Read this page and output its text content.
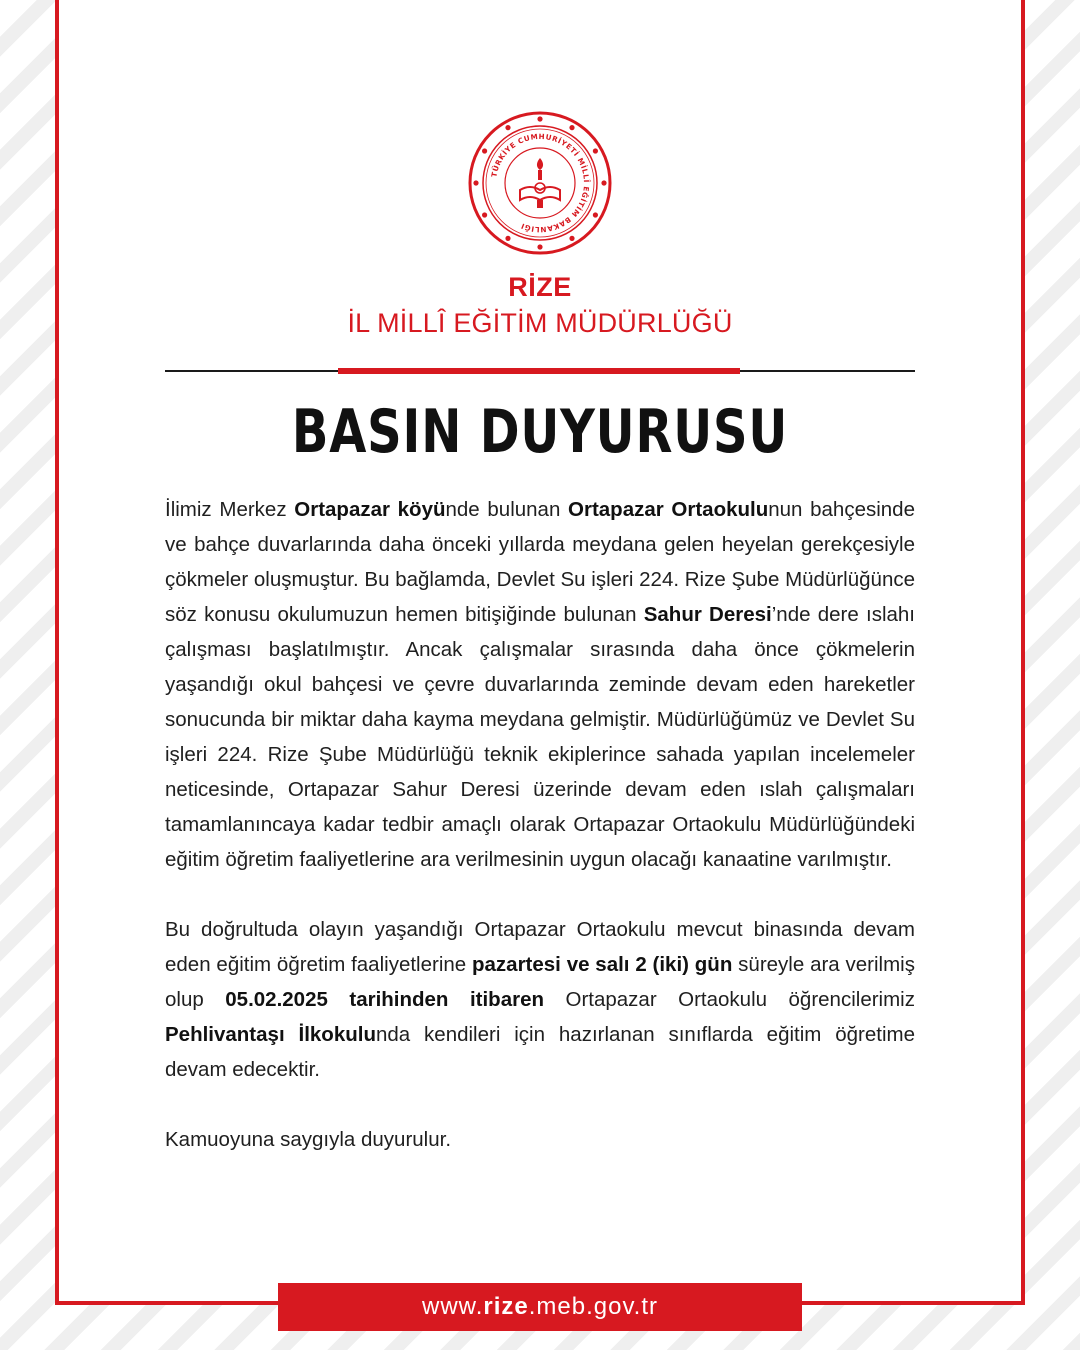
TÜRKİYE CUMHURİYETİ MİLLÎ EĞİTİM BAKANLIĞI
RİZE
İL MİLLÎ EĞİTİM MÜDÜRLÜĞÜ
BASIN DUYURUSU

İlimiz Merkez Ortapazar köyünde bulunan Ortapazar Ortaokulunun bahçesinde ve bahçe duvarlarında daha önceki yıllarda meydana gelen heyelan gerekçesiyle çökmeler oluşmuştur. Bu bağlamda, Devlet Su işleri 224. Rize Şube Müdürlüğünce söz konusu okulumuzun hemen bitişiğinde bulunan Sahur Deresi’nde dere ıslahı çalışması başlatılmıştır. Ancak çalışmalar sırasında daha önce çökmelerin yaşandığı okul bahçesi ve çevre duvarlarında zeminde devam eden hareketler sonucunda bir miktar daha kayma meydana gelmiştir. Müdürlüğümüz ve Devlet Su işleri 224. Rize Şube Müdürlüğü teknik ekiplerince sahada yapılan incelemeler neticesinde, Ortapazar Sahur Deresi üzerinde devam eden ıslah çalışmaları tamamlanıncaya kadar tedbir amaçlı olarak Ortapazar Ortaokulu Müdürlüğündeki eğitim öğretim faaliyetlerine ara verilmesinin uygun olacağı kanaatine varılmıştır.

Bu doğrultuda olayın yaşandığı Ortapazar Ortaokulu mevcut binasında devam eden eğitim öğretim faaliyetlerine pazartesi ve salı 2 (iki) gün süreyle ara verilmiş olup 05.02.2025 tarihinden itibaren Ortapazar Ortaokulu öğrencilerimiz Pehlivantaşı İlkokulunda kendileri için hazırlanan sınıflarda eğitim öğretime devam edecektir.

Kamuoyuna saygıyla duyurulur.

www.rize.meb.gov.tr
